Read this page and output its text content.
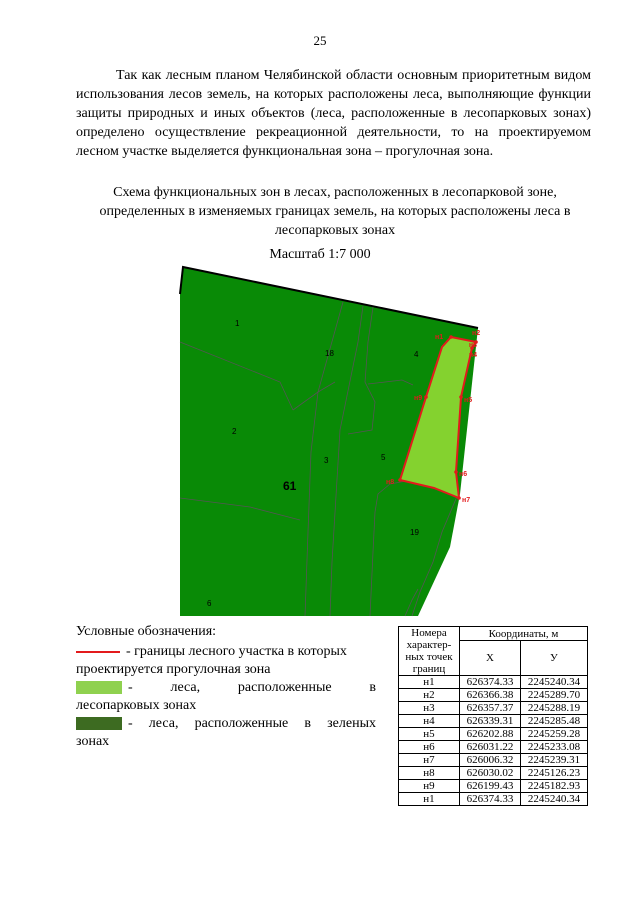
25

Так как лесным планом Челябинской области основным приоритетным видом использования лесов земель, на которых расположены леса, выполняющие функции защиты природных и иных объектов (леса, расположенные в лесопарковых зонах) определено осуществление рекреационной деятельности, то на проектируемом лесном участке выделяется функциональная зона – прогулочная зона.

Схема функциональных зон в лесах, расположенных в лесопарковой зоне, определенных в изменяемых границах земель, на которых расположены леса в лесопарковых зонах

Масштаб 1:7 000
н1
н2
н3
н4
н5
н6
н7
н8
н9
1
2
3
4
5
6
18
19
61
Условные обозначения:
- границы лесного участка в которых проектируется прогулочная зона
-	леса,	расположенные	в
лесопарковых зонах
- леса, расположенные в зеленых
зонах
Номера характер-ных точек границ	Координаты, м	
	Х	У
н1	626374.33	2245240.34
н2	626366.38	2245289.70
н3	626357.37	2245288.19
н4	626339.31	2245285.48
н5	626202.88	2245259.28
н6	626031.22	2245233.08
н7	626006.32	2245239.31
н8	626030.02	2245126.23
н9	626199.43	2245182.93
н1	626374.33	2245240.34
